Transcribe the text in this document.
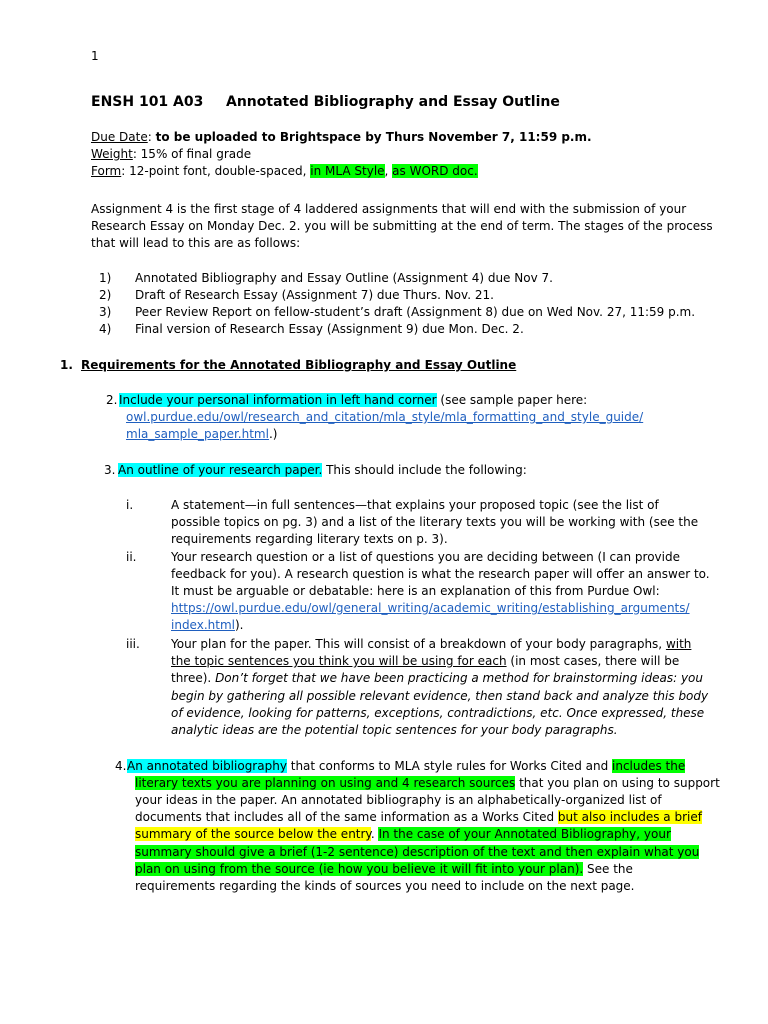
1
ENSH 101 A03 Annotated Bibliography and Essay Outline
Due Date: to be uploaded to Brightspace by Thurs November 7, 11:59 p.m.
Weight: 15% of final grade
Form: 12-point font, double-spaced, in MLA Style, as WORD doc.
Assignment 4 is the first stage of 4 laddered assignments that will end with the submission of your
Research Essay on Monday Dec. 2. you will be submitting at the end of term. The stages of the process
that will lead to this are as follows:
1) Annotated Bibliography and Essay Outline (Assignment 4) due Nov 7.
2) Draft of Research Essay (Assignment 7) due Thurs. Nov. 21.
3) Peer Review Report on fellow-student’s draft (Assignment 8) due on Wed Nov. 27, 11:59 p.m.
4) Final version of Research Essay (Assignment 9) due Mon. Dec. 2.
1. Requirements for the Annotated Bibliography and Essay Outline
2. Include your personal information in left hand corner (see sample paper here:
owl.purdue.edu/owl/research_and_citation/mla_style/mla_formatting_and_style_guide/
mla_sample_paper.html.)
3. An outline of your research paper. This should include the following:
i.	A statement—in full sentences—that explains your proposed topic (see the list of
possible topics on pg. 3) and a list of the literary texts you will be working with (see the
requirements regarding literary texts on p. 3).
ii.	Your research question or a list of questions you are deciding between (I can provide
feedback for you). A research question is what the research paper will offer an answer to.
It must be arguable or debatable: here is an explanation of this from Purdue Owl:
https://owl.purdue.edu/owl/general_writing/academic_writing/establishing_arguments/
index.html).
iii.	Your plan for the paper. This will consist of a breakdown of your body paragraphs, with
the topic sentences you think you will be using for each (in most cases, there will be
three). Don’t forget that we have been practicing a method for brainstorming ideas: you
begin by gathering all possible relevant evidence, then stand back and analyze this body
of evidence, looking for patterns, exceptions, contradictions, etc. Once expressed, these
analytic ideas are the potential topic sentences for your body paragraphs.
4. An annotated bibliography that conforms to MLA style rules for Works Cited and includes the
literary texts you are planning on using and 4 research sources that you plan on using to support
your ideas in the paper. An annotated bibliography is an alphabetically-organized list of
documents that includes all of the same information as a Works Cited but also includes a brief
summary of the source below the entry. In the case of your Annotated Bibliography, your
summary should give a brief (1-2 sentence) description of the text and then explain what you
plan on using from the source (ie how you believe it will fit into your plan). See the
requirements regarding the kinds of sources you need to include on the next page.
